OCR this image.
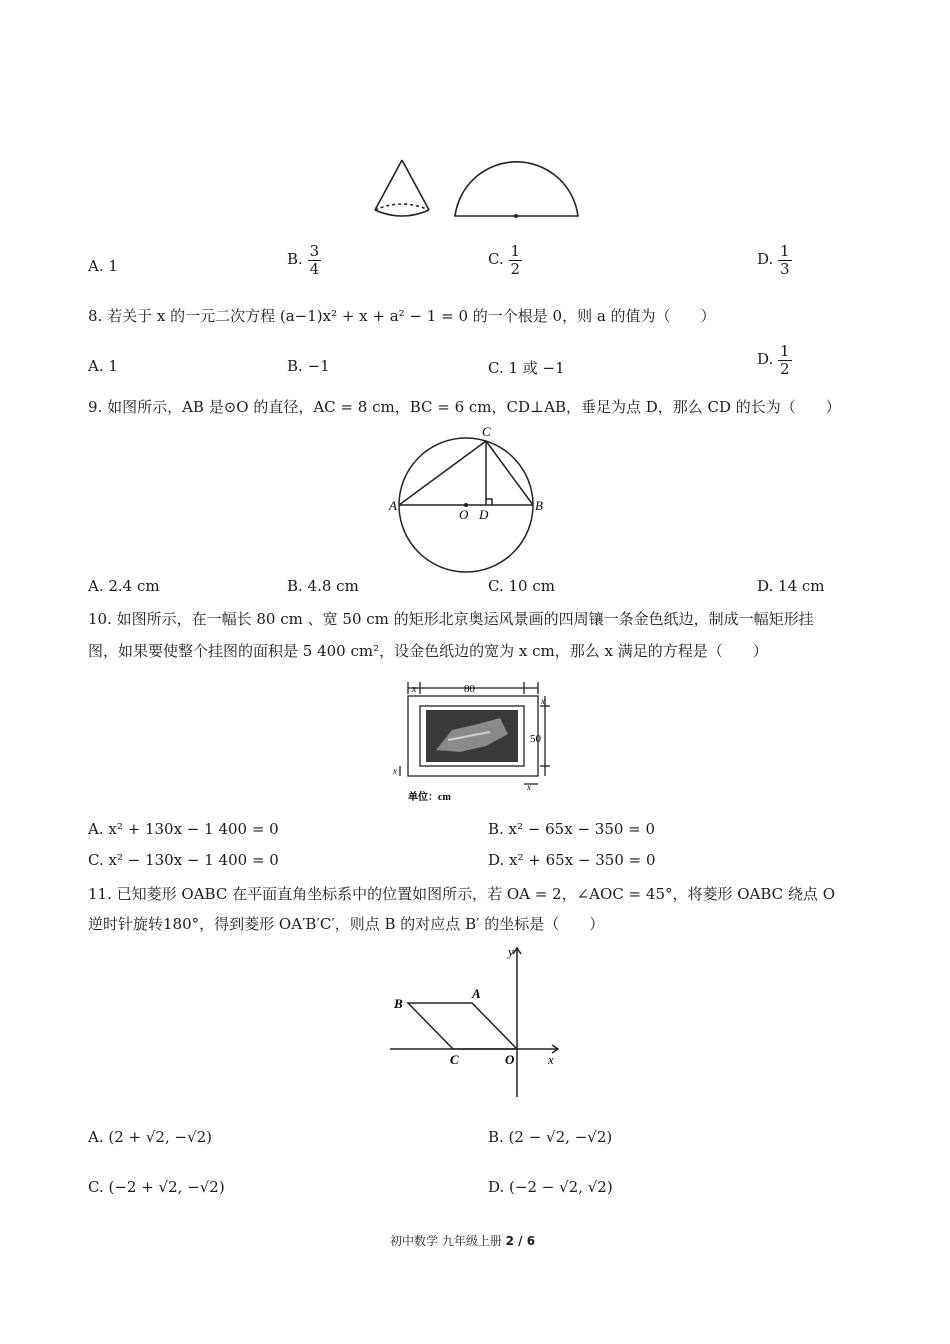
A. 1	B. $\frac{3}{4}$	C. $\frac{1}{2}$	D. $\frac{1}{3}$
8. 若关于 x 的一元二次方程 (a−1)x² + x + a² − 1 = 0 的一个根是 0，则 a 的值为（　　）
A. 1	B. −1	C. 1 或 −1	D. $\frac{1}{2}$
9. 如图所示，AB 是⊙O 的直径，AC = 8 cm，BC = 6 cm，CD⊥AB，垂足为点 D，那么 CD 的长为（　　）
A	B
C
D
O
A. 2.4 cm	B. 4.8 cm	C. 10 cm	D. 14 cm
10. 如图所示，在一幅长 80 cm 、宽 50 cm 的矩形北京奥运风景画的四周镶一条金色纸边，制成一幅矩形挂
图，如果要使整个挂图的面积是 5 400 cm²，设金色纸边的宽为 x cm，那么 x 满足的方程是（　　）
x	80
50
x
x
x
单位：cm
A. x² + 130x − 1 400 = 0	B. x² − 65x − 350 = 0
C. x² − 130x − 1 400 = 0	D. x² + 65x − 350 = 0
11. 已知菱形 OABC 在平面直角坐标系中的位置如图所示，若 OA = 2，∠AOC = 45°，将菱形 OABC 绕点 O
逆时针旋转180°，得到菱形 OA′B′C′，则点 B 的对应点 B′ 的坐标是（　　）
B
A
C	O	x
y
A. (2 + √2, −√2)	B. (2 − √2, −√2)
C. (−2 + √2, −√2)	D. (−2 − √2, √2)
初中数学 九年级上册 2 / 6
